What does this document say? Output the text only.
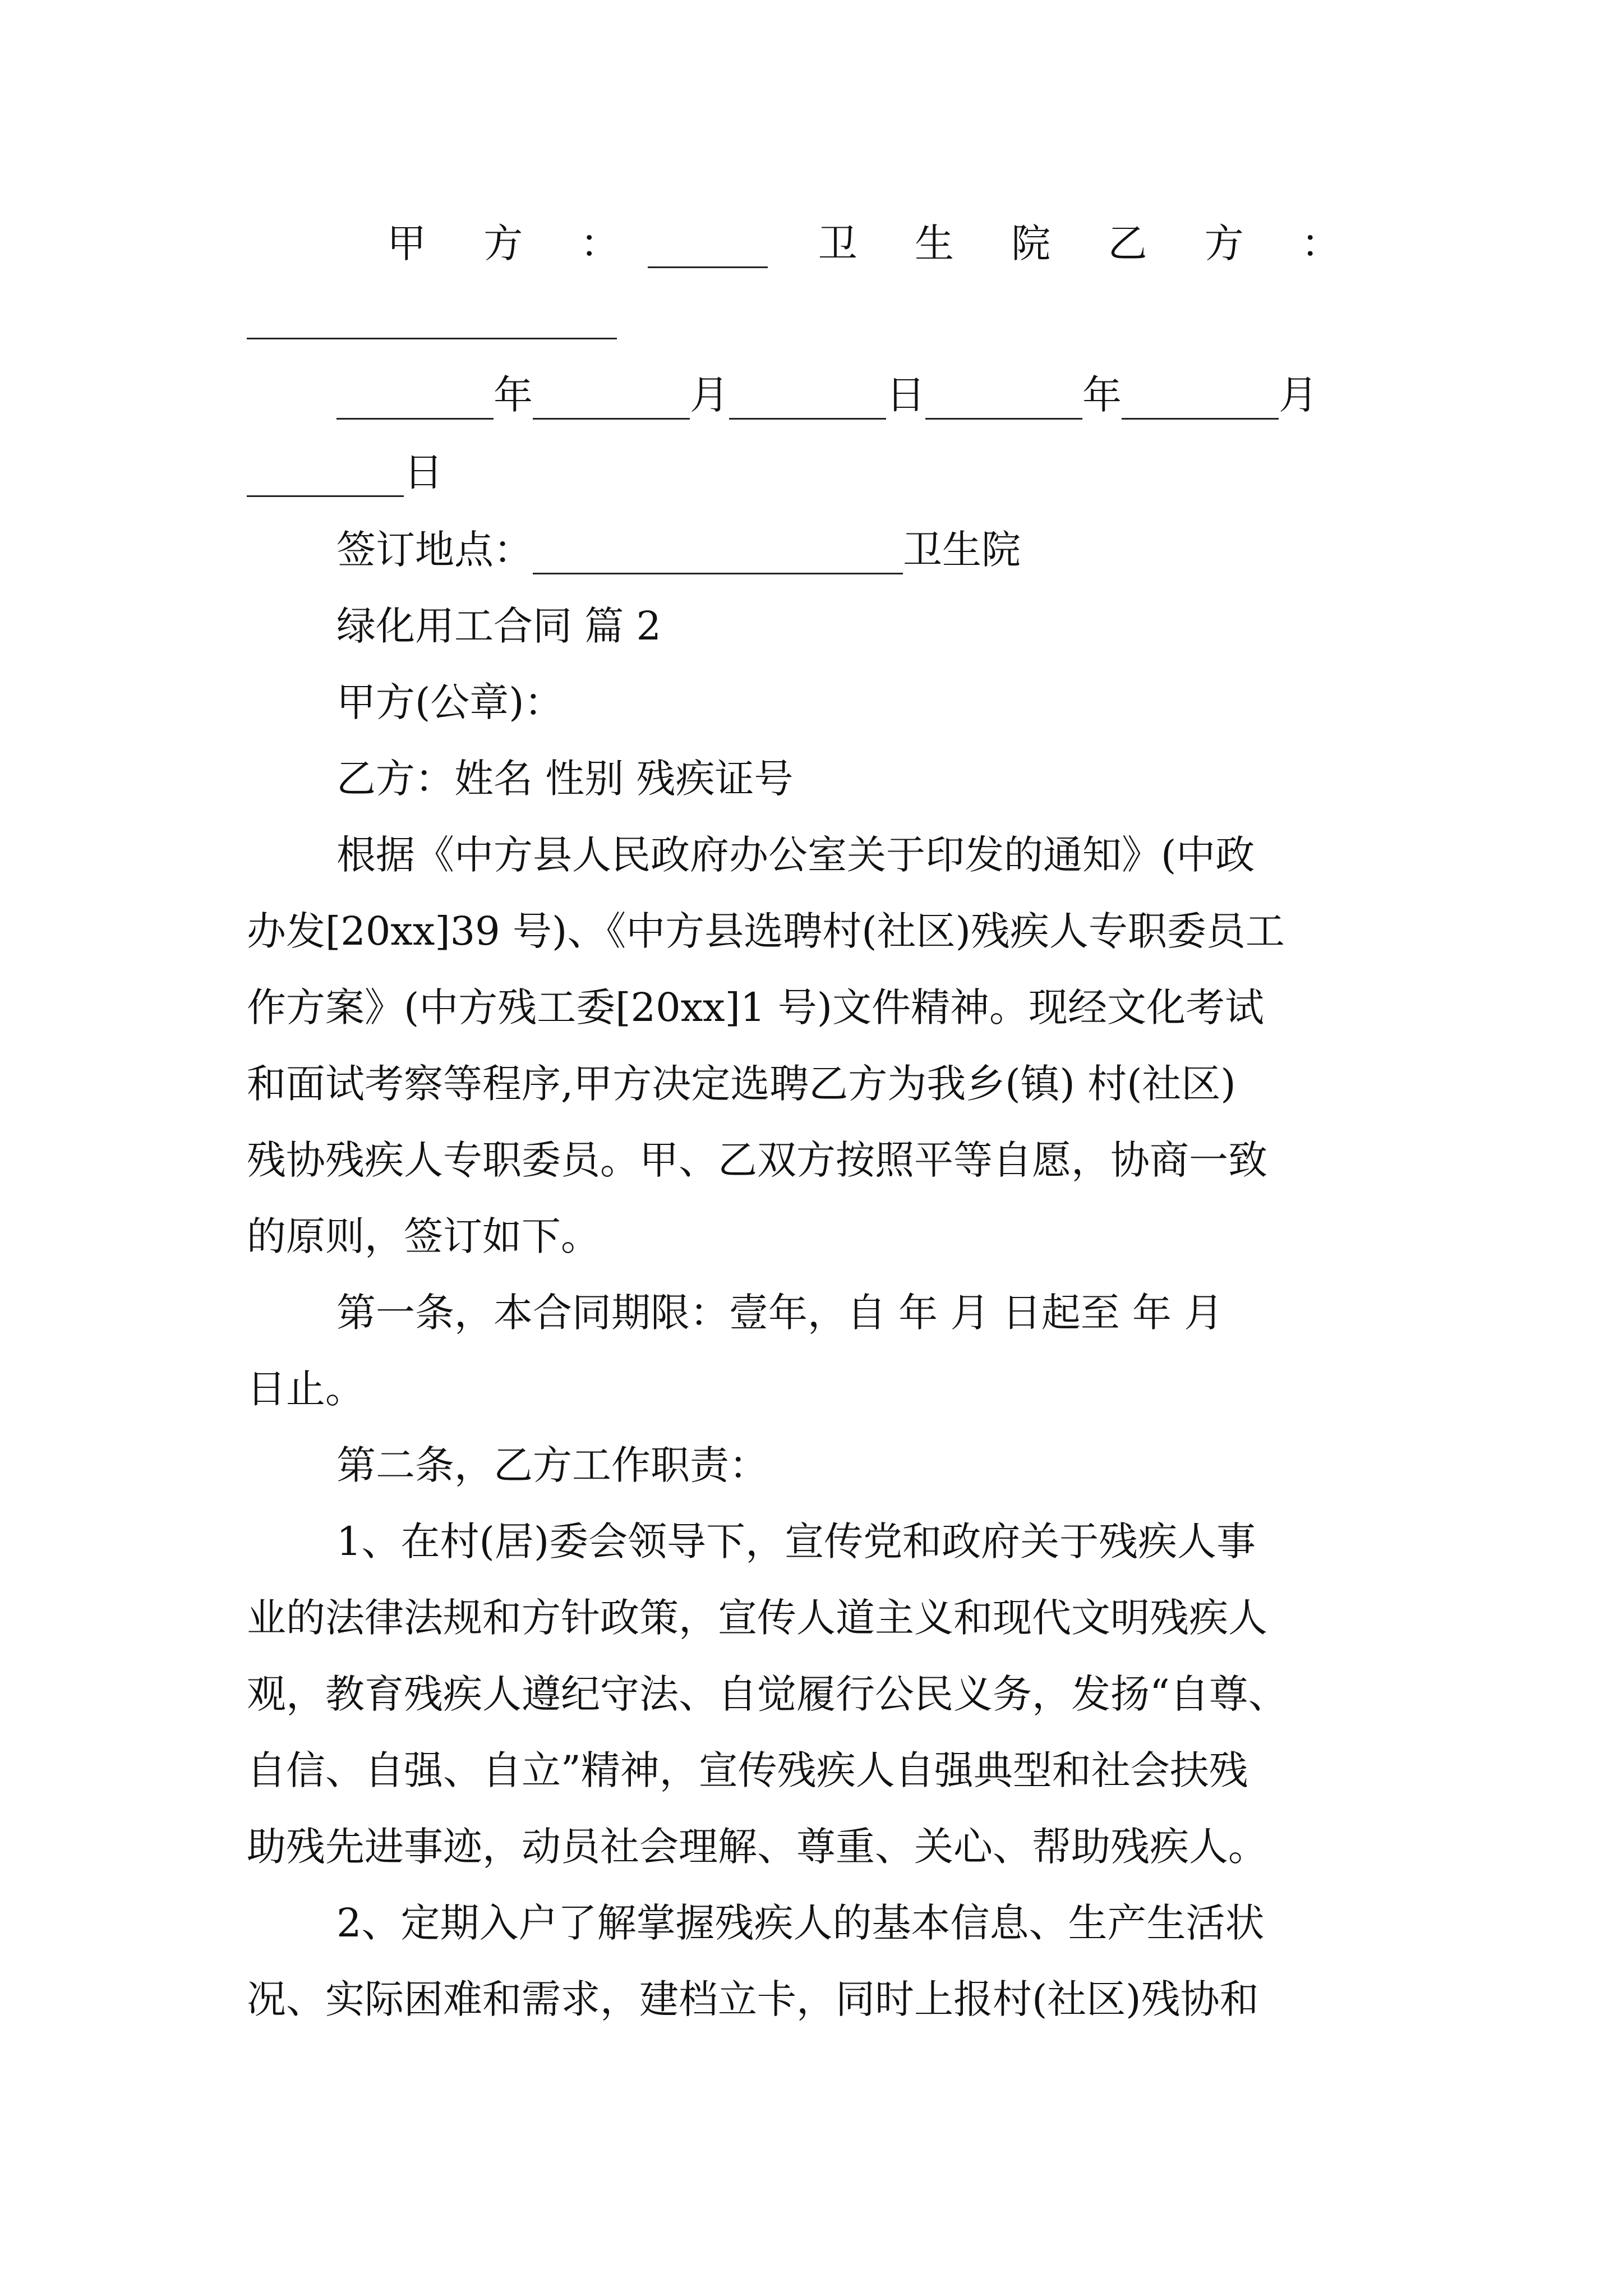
甲 方 ：	卫 生 院 乙 方 ：
年	月	日	年	月
日
签订地点：	卫生院
绿化用工合同 篇 2
甲方(公章)：
乙方：姓名 性别 残疾证号
根据《中方县人民政府办公室关于印发的通知》(中政
办发[20xx]39 号)、《中方县选聘村(社区)残疾人专职委员工
作方案》(中方残工委[20xx]1 号)文件精神。现经文化考试
和面试考察等程序,甲方决定选聘乙方为我乡(镇) 村(社区)
残协残疾人专职委员。甲、乙双方按照平等自愿，协商一致
的原则，签订如下。
第一条，本合同期限：壹年，自 年 月 日起至 年 月
日止。
第二条，乙方工作职责：
1、在村(居)委会领导下，宣传党和政府关于残疾人事
业的法律法规和方针政策，宣传人道主义和现代文明残疾人
观，教育残疾人遵纪守法、自觉履行公民义务，发扬“自尊、
自信、自强、自立”精神，宣传残疾人自强典型和社会扶残
助残先进事迹，动员社会理解、尊重、关心、帮助残疾人。
2、定期入户了解掌握残疾人的基本信息、生产生活状
况、实际困难和需求，建档立卡，同时上报村(社区)残协和
